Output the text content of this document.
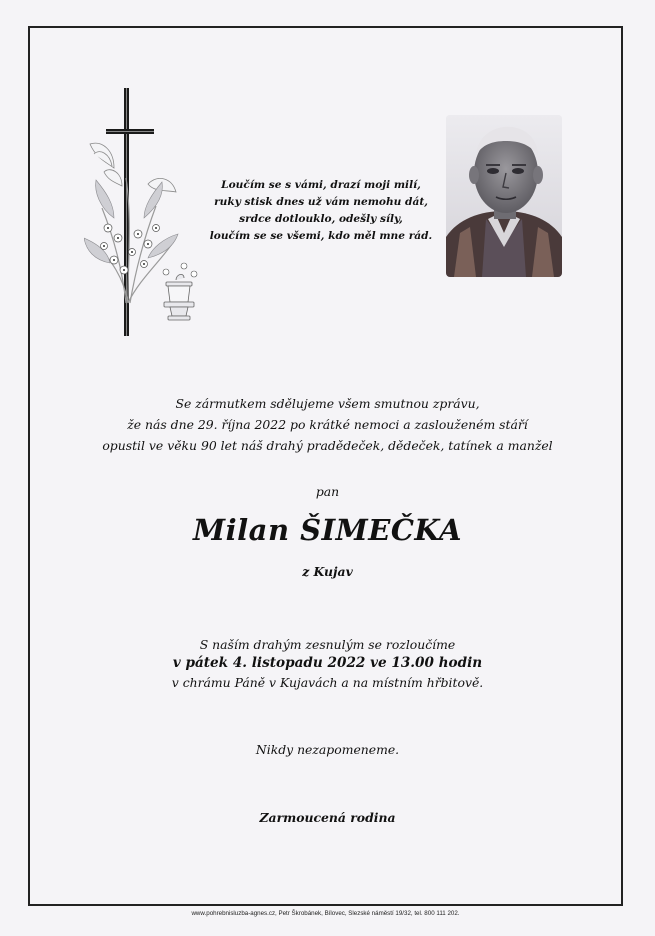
Loučím se s vámi, drazí moji milí,
ruky stisk dnes už vám nemohu dát,
srdce dotlouklo, odešly síly,
loučím se se všemi, kdo měl mne rád.
Se zármutkem sdělujeme všem smutnou zprávu,
že nás dne 29. října 2022 po krátké nemoci a zaslouženém stáří
opustil ve věku 90 let náš drahý pradědeček, dědeček, tatínek a manžel
pan
Milan ŠIMEČKA
z Kujav
S naším drahým zesnulým se rozloučíme
v pátek 4. listopadu 2022 ve 13.00 hodin
v chrámu Páně v Kujavách a na místním hřbitově.
Nikdy nezapomeneme.
Zarmoucená rodina
www.pohrebnisluzba-agnes.cz, Petr Škrobánek, Bílovec, Slezské náměstí 19/32, tel. 800 111 202.
